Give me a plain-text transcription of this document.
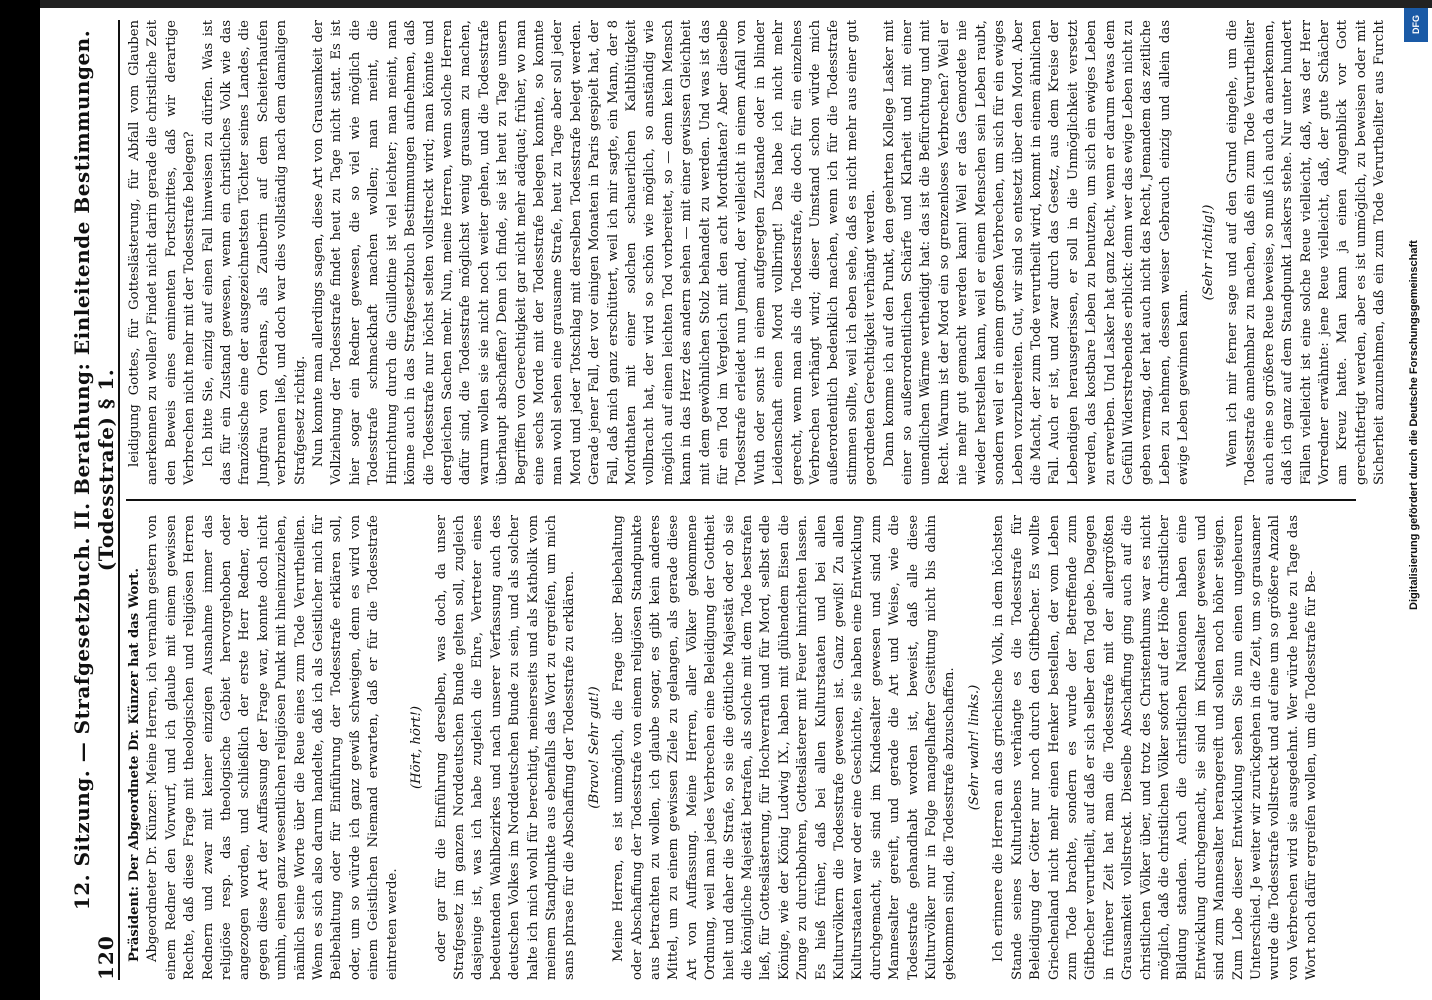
120
12. Sitzung. — Strafgesetzbuch. II. Berathung: Einleitende Bestimmungen. (Todesstrafe) § 1.

Präsident: Der Abgeordnete Dr. Künzer hat das Wort. Abgeordneter Dr. Künzer: Meine Herren, ich vernahm gestern von einem Redner den Vorwurf, und ich glaube mit einem gewissen Rechte, daß diese Frage mit theologischen und religiösen Herren Rednern und zwar mit keiner einzigen Ausnahme immer das religiöse resp. das theologische Gebiet hervorgehoben oder angezogen worden, und schließlich der erste Herr Redner, der gegen diese Art der Auffassung der Frage war, konnte doch nicht umhin, einen ganz wesentlichen religiösen Punkt mit hineinzuziehen, nämlich seine Worte über die Reue eines zum Tode Verurtheilten. Wenn es sich also darum handelte, daß ich als Geistlicher mich für Beibehaltung oder für Einführung der Todesstrafe erklären soll, oder, um so würde ich ganz gewiß schweigen, denn es wird von einem Geistlichen Niemand erwarten, daß er für die Todesstrafe eintreten werde.

(Hört, hört!) oder gar für die Einführung derselben, was doch, da unser Strafgesetz im ganzen Norddeutschen Bunde gelten soll, zugleich dasjenige ist, was ich habe zugleich die Ehre, Vertreter eines bedeutenden Wahlbezirkes und nach unserer Verfassung auch des deutschen Volkes im Norddeutschen Bunde zu sein, und als solcher halte ich mich wohl für berechtigt, meinerseits und als Katholik vom meinem Standpunkte aus ebenfalls das Wort zu ergreifen, um mich sans phrase für die Abschaffung der Todesstrafe zu erklären. (Bravo! Sehr gut!) Meine Herren, es ist unmöglich, die Frage über Beibehaltung oder Abschaffung der Todesstrafe von einem religiösen Standpunkte aus betrachten zu wollen, ich glaube sogar, es gibt kein anderes Mittel, um zu einem gewissen Ziele zu gelangen, als gerade diese Art von Auffassung. Meine Herren, aller Völker gekommene Ordnung, weil man jedes Verbrechen eine Beleidigung der Gottheit hielt und daher die Strafe, so sie die göttliche Majestät oder ob sie die königliche Majestät betrafen, als solche mit dem Tode bestrafen ließ, für Gotteslästerung, für Hochverrath und für Mord, selbst edle Könige, wie der König Ludwig IX., haben mit glühendem Eisen die Zunge zu durchbohren, Gotteslästerer mit Feuer hinrichten lassen. Es hieß früher, daß bei allen Kulturstaaten und bei allen Kulturvölkern die Todesstrafe gewesen ist. Ganz gewiß! Zu allen Kulturstaaten war oder eine Geschichte, sie haben eine Entwicklung durchgemacht, sie sind im Kindesalter gewesen und sind zum Mannesalter gereift, und gerade die Art und Weise, wie die Todesstrafe gehandhabt worden ist, beweist, daß alle diese Kulturvölker nur in Folge mangelhafter Gesittung nicht bis dahin gekommen sind, die Todesstrafe abzuschaffen. (Sehr wahr! links.) Ich erinnere die Herren an das griechische Volk, in dem höchsten Stande seines Kulturlebens verhängte es die Todesstrafe für Beleidigung der Götter nur noch durch den Giftbecher. Es wollte Griechenland nicht mehr einen Henker bestellen, der vom Leben zum Tode brachte, sondern es wurde der Betreffende zum Giftbecher verurtheilt, auf daß er sich selber den Tod gebe. Dagegen in früherer Zeit hat man die Todesstrafe mit der allergrößten Grausamkeit vollstreckt. Dieselbe Abschaffung ging auch auf die christlichen Völker über, und trotz des Christenthums war es nicht möglich, daß die christlichen Völker sofort auf der Höhe christlicher Bildung standen. Auch die christlichen Nationen haben eine Entwicklung durchgemacht, sie sind im Kindesalter gewesen und sind zum Mannesalter herangereift und sollen noch höher steigen. Zum Lobe dieser Entwicklung sehen Sie nun einen ungeheuren Unterschied. Je weiter wir zurückgehen in die Zeit, um so grausamer wurde die Todesstrafe vollstreckt und auf eine um so größere Anzahl von Verbrechen wird sie ausgedehnt. Wer würde heute zu Tage das Wort noch dafür ergreifen wollen, um die Todesstrafe für Be-

leidigung Gottes, für Gotteslästerung, für Abfall vom Glauben anerkennen zu wollen? Findet nicht darin gerade die christliche Zeit den Beweis eines eminenten Fortschrittes, daß wir derartige Verbrechen nicht mehr mit der Todesstrafe belegen? Ich bitte Sie, einzig auf einen Fall hinweisen zu dürfen. Was ist das für ein Zustand gewesen, wenn ein christliches Volk wie das französische eine der ausgezeichnetsten Töchter seines Landes, die Jungfrau von Orleans, als Zauberin auf dem Scheiterhaufen verbrennen ließ, und doch war dies vollständig nach dem damaligen Strafgesetz richtig. Nun konnte man allerdings sagen, diese Art von Grausamkeit der Vollziehung der Todesstrafe findet heut zu Tage nicht statt. Es ist hier sogar ein Redner gewesen, die so viel wie möglich die Todesstrafe schmackhaft machen wollen; man meint, die Hinrichtung durch die Guillotine ist viel leichter; man meint, man könne auch in das Strafgesetzbuch Bestimmungen aufnehmen, daß die Todesstrafe nur höchst selten vollstreckt wird; man könnte und dergleichen Sachen mehr. Nun, meine Herren, wenn solche Herren dafür sind, die Todesstrafe möglichst wenig grausam zu machen, warum wollen sie sie nicht noch weiter gehen, und die Todesstrafe überhaupt abschaffen? Denn ich finde, sie ist heut zu Tage unsern Begriffen von Gerechtigkeit gar nicht mehr adäquat; früher, wo man eine sechs Morde mit der Todesstrafe belegen konnte, so konnte man wohl sehen eine grausame Strafe, heut zu Tage aber soll jeder Mord und jeder Totschlag mit derselben Todesstrafe belegt werden. Gerade jener Fall, der vor einigen Monaten in Paris gespielt hat, der Fall, daß mich ganz erschüttert, weil ich mir sagte, ein Mann, der 8 Mordthaten mit einer solchen schauerlichen Kaltblütigkeit vollbracht hat, der wird so schön wie möglich, so anständig wie möglich auf einen leichten Tod vorbereitet, so — denn kein Mensch kann in das Herz des andern sehen — mit einer gewissen Gleichheit mit dem gewöhnlichen Stolz behandelt zu werden. Und was ist das für ein Tod im Vergleich mit den acht Mordthaten? Aber dieselbe Todesstrafe erleidet nun Jemand, der vielleicht in einem Anfall von Wuth oder sonst in einem aufgeregten Zustande oder in blinder Leidenschaft einen Mord vollbringt! Das habe ich nicht mehr gerecht, wenn man als die Todesstrafe, die doch für ein einzelnes Verbrechen verhängt wird; dieser Umstand schon würde mich außerordentlich bedenklich machen, wenn ich für die Todesstrafe stimmen sollte, weil ich eben sehe, daß es nicht mehr aus einer gut geordneten Gerechtigkeit verhängt werden. Dann komme ich auf den Punkt, den geehrten Kollege Lasker mit einer so außerordentlichen Schärfe und Klarheit und mit einer unendlichen Wärme vertheidigt hat: das ist die Befürchtung und mit Recht. Warum ist der Mord ein so grenzenloses Verbrechen? Weil er nie mehr gut gemacht werden kann! Weil er das Gemordete nie wieder herstellen kann, weil er einem Menschen sein Leben raubt, sondern weil er in einem großen Verbrechen, um sich für ein ewiges Leben vorzubereiten. Gut, wir sind so entsetzt über den Mord. Aber die Macht, der zum Tode verurtheilt wird, kommt in einem ähnlichen Fall. Auch er ist, und zwar durch das Gesetz, aus dem Kreise der Lebendigen herausgerissen, er soll in die Unmöglichkeit versetzt werden, das kostbare Leben zu benutzen, um sich ein ewiges Leben zu erwerben. Und Lasker hat ganz Recht, wenn er darum etwas dem Gefühl Widerstrebendes erblickt: denn wer das ewige Leben nicht zu geben vermag, der hat auch nicht das Recht, Jemandem das zeitliche Leben zu nehmen, dessen weiser Gebrauch einzig und allein das ewige Leben gewinnen kann.

(Sehr richtig!)

Wenn ich mir ferner sage und auf den Grund eingehe, um die Todesstrafe annehmbar zu machen, daß ein zum Tode Verurtheilter auch eine so größere Reue beweise, so muß ich auch da anerkennen, daß ich ganz auf dem Standpunkt Laskers stehe. Nur unter hundert Fällen vielleicht ist eine solche Reue vielleicht, daß, was der Herr Vorredner erwähnte: jene Reue vielleicht, daß, der gute Schächer am Kreuz hatte. Man kann ja einen Augenblick vor Gott gerechtfertigt werden, aber es ist unmöglich, zu beweisen oder mit Sicherheit anzunehmen, daß ein zum Tode Verurtheilter aus Furcht	DFG
Digitalisierung gefördert durch die Deutsche Forschungsgemeinschaft
